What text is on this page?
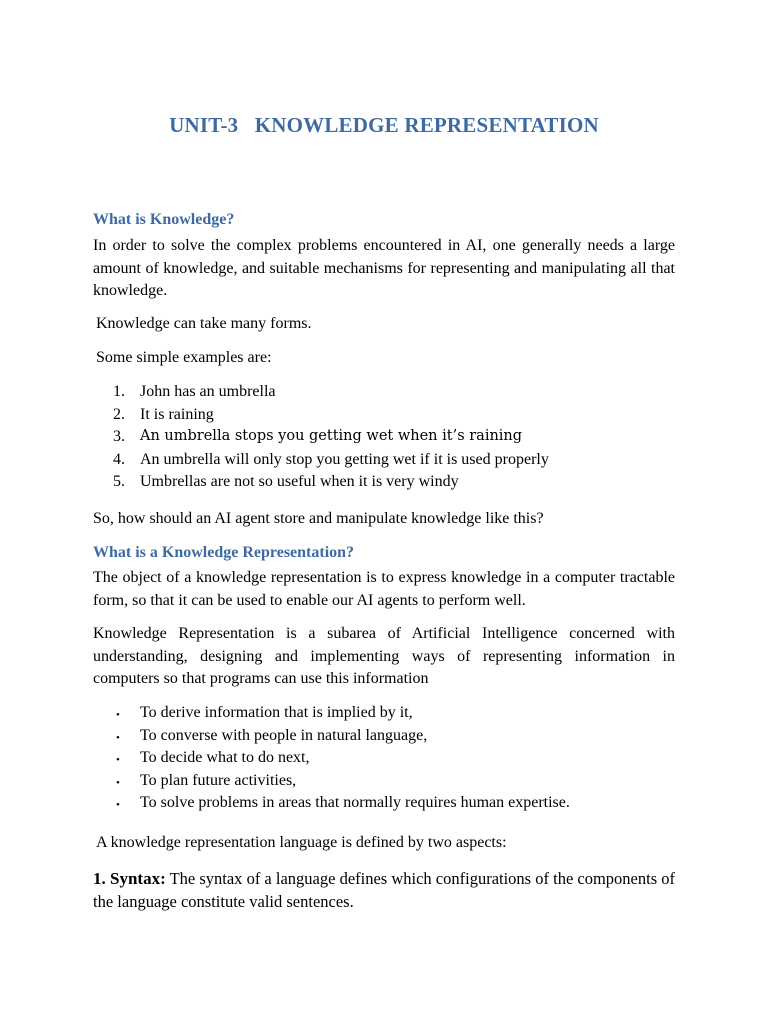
UNIT-3   KNOWLEDGE REPRESENTATION
What is Knowledge?
In order to solve the complex problems encountered in AI, one generally needs a large amount of knowledge, and suitable mechanisms for representing and manipulating all that knowledge.
Knowledge can take many forms.
Some simple examples are:
1. John has an umbrella
2. It is raining
3.	An umbrella stops you getting wet when it’s raining
4. An umbrella will only stop you getting wet if it is used properly
5. Umbrellas are not so useful when it is very windy
So, how should an AI agent store and manipulate knowledge like this?
What is a Knowledge Representation?
The object of a knowledge representation is to express knowledge in a computer tractable form, so that it can be used to enable our AI agents to perform well.
Knowledge Representation is a subarea of Artificial Intelligence concerned with understanding, designing and implementing ways of representing information in computers so that programs can use this information
• To derive information that is implied by it,
• To converse with people in natural language,
• To decide what to do next,
• To plan future activities,
• To solve problems in areas that normally requires human expertise.
A knowledge representation language is defined by two aspects:
1. Syntax: The syntax of a language defines which configurations of the components of the language constitute valid sentences.
